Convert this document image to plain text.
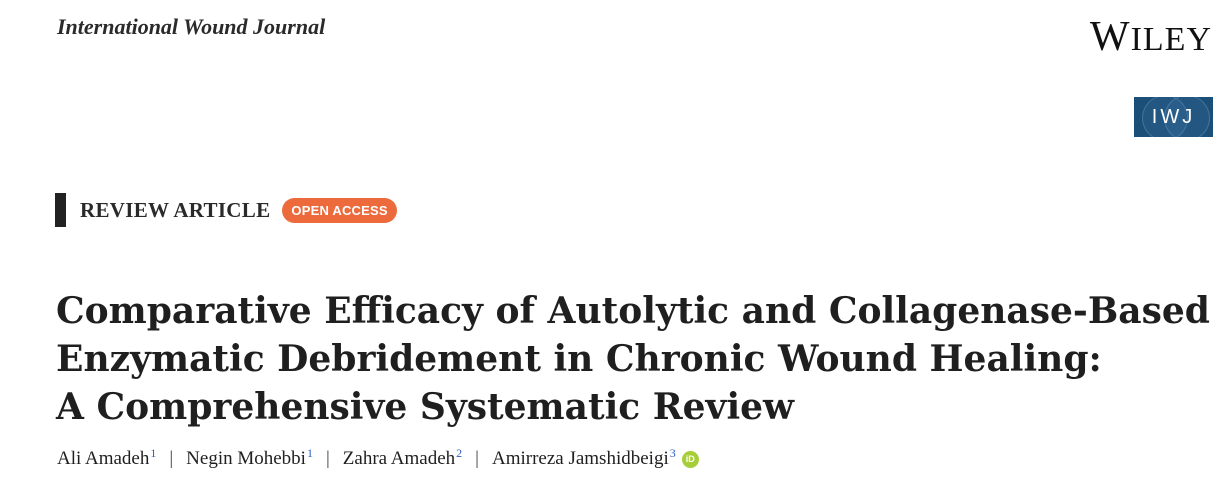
International Wound Journal	WILEY
IWJ
REVIEW ARTICLE	OPEN ACCESS
Comparative Efficacy of Autolytic and Collagenase-Based
Enzymatic Debridement in Chronic Wound Healing:
A Comprehensive Systematic Review
Ali Amadeh$^1$ | Negin Mohebbi$^1$ | Zahra Amadeh$^2$ | Amirreza Jamshidbeigi$^3$	iD
